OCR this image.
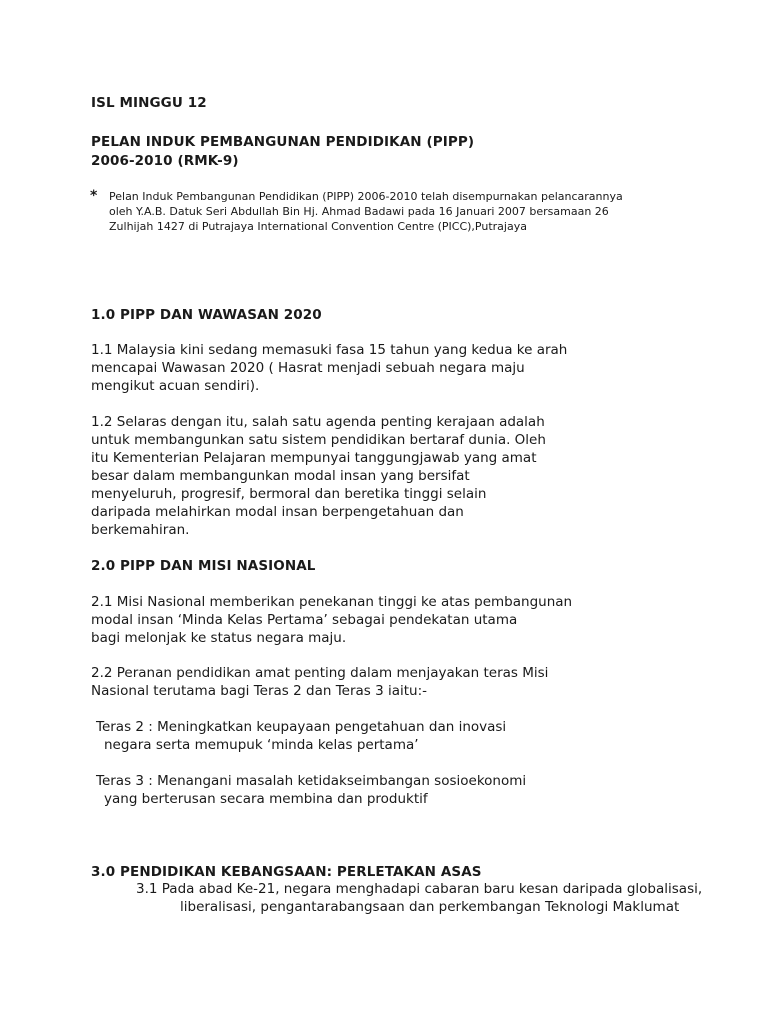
ISL MINGGU 12
PELAN INDUK PEMBANGUNAN PENDIDIKAN (PIPP)
2006-2010 (RMK-9)
* Pelan Induk Pembangunan Pendidikan (PIPP) 2006-2010 telah disempurnakan pelancarannya
oleh Y.A.B. Datuk Seri Abdullah Bin Hj. Ahmad Badawi pada 16 Januari 2007 bersamaan 26
Zulhijah 1427 di Putrajaya International Convention Centre (PICC),Putrajaya
1.0 PIPP DAN WAWASAN 2020
1.1 Malaysia kini sedang memasuki fasa 15 tahun yang kedua ke arah
mencapai Wawasan 2020 ( Hasrat menjadi sebuah negara maju
mengikut acuan sendiri).
1.2 Selaras dengan itu, salah satu agenda penting kerajaan adalah
untuk membangunkan satu sistem pendidikan bertaraf dunia. Oleh
itu Kementerian Pelajaran mempunyai tanggungjawab yang amat
besar dalam membangunkan modal insan yang bersifat
menyeluruh, progresif, bermoral dan beretika tinggi selain
daripada melahirkan modal insan berpengetahuan dan
berkemahiran.
2.0 PIPP DAN MISI NASIONAL
2.1 Misi Nasional memberikan penekanan tinggi ke atas pembangunan
modal insan ‘Minda Kelas Pertama’ sebagai pendekatan utama
bagi melonjak ke status negara maju.
2.2 Peranan pendidikan amat penting dalam menjayakan teras Misi
Nasional terutama bagi Teras 2 dan Teras 3 iaitu:-
Teras 2 : Meningkatkan keupayaan pengetahuan dan inovasi
negara serta memupuk ‘minda kelas pertama’
Teras 3 : Menangani masalah ketidakseimbangan sosioekonomi
yang berterusan secara membina dan produktif
3.0 PENDIDIKAN KEBANGSAAN: PERLETAKAN ASAS
3.1 Pada abad Ke-21, negara menghadapi cabaran baru kesan daripada globalisasi,
liberalisasi, pengantarabangsaan dan perkembangan Teknologi Maklumat
